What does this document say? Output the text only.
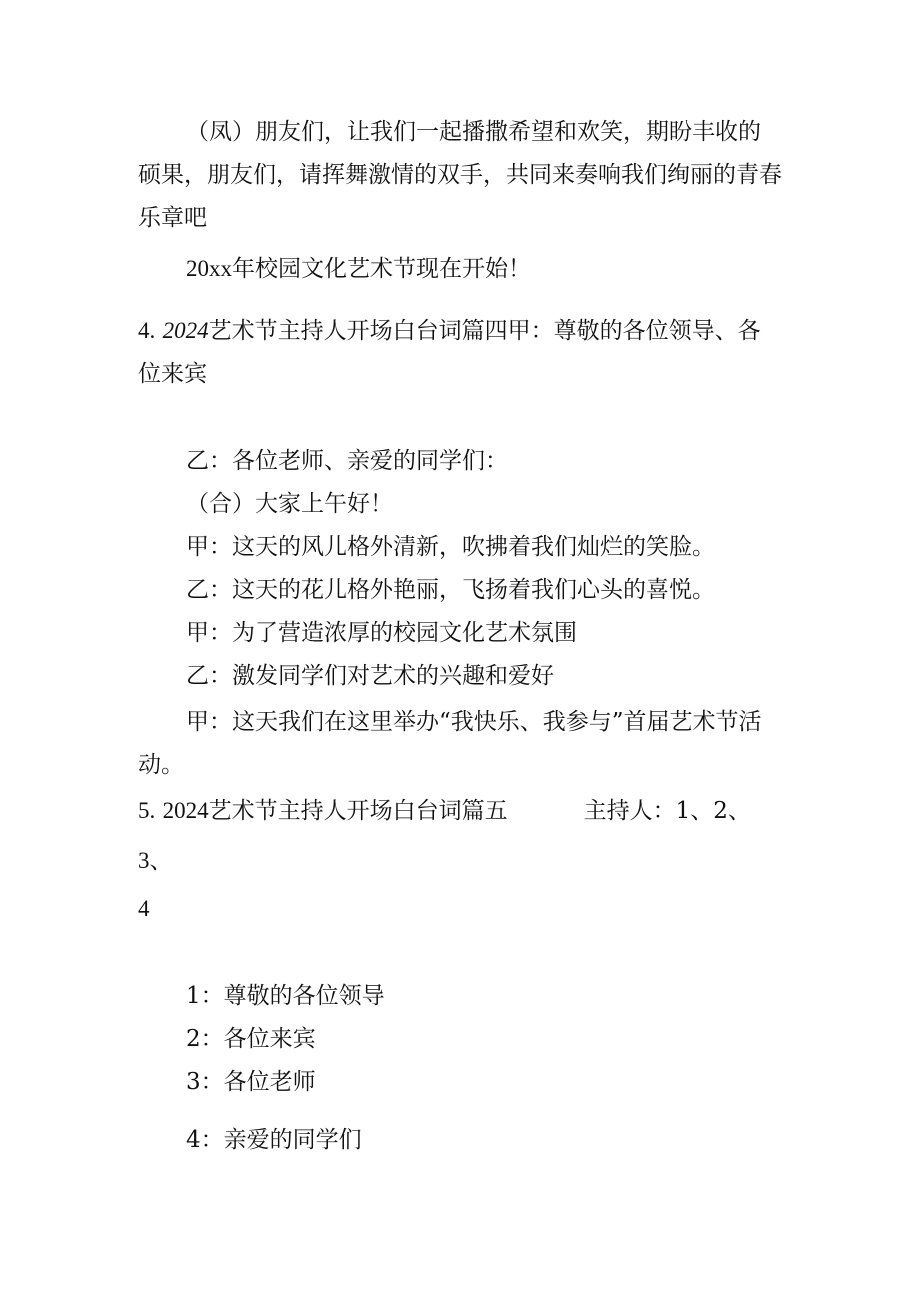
（凤）朋友们，让我们一起播撒希望和欢笑，期盼丰收的
硕果，朋友们，请挥舞激情的双手，共同来奏响我们绚丽的青春
乐章吧
20xx年校园文化艺术节现在开始！
4. 2024艺术节主持人开场白台词篇四甲：尊敬的各位领导、各
位来宾
乙：各位老师、亲爱的同学们：
（合）大家上午好！
甲：这天的风儿格外清新，吹拂着我们灿烂的笑脸。
乙：这天的花儿格外艳丽，飞扬着我们心头的喜悦。
甲：为了营造浓厚的校园文化艺术氛围
乙：激发同学们对艺术的兴趣和爱好
甲：这天我们在这里举办“我快乐、我参与”首届艺术节活
动。
5. 2024艺术节主持人开场白台词篇五	主持人：1、2、
3、
4
1：尊敬的各位领导
2：各位来宾
3：各位老师
4：亲爱的同学们
